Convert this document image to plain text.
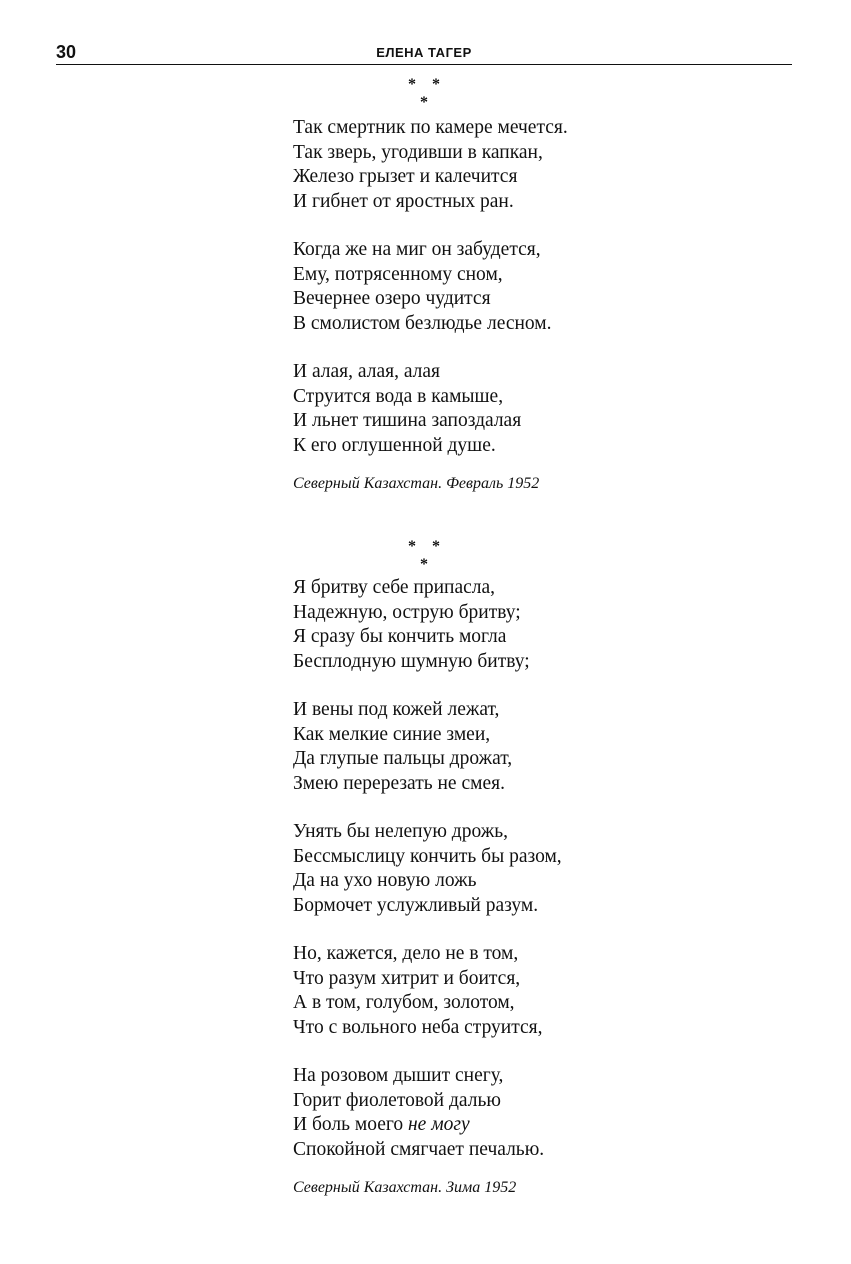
30	ЕЛЕНА ТАГЕР
* * *
Так смертник по камере мечется.
Так зверь, угодивши в капкан,
Железо грызет и калечится
И гибнет от яростных ран.
Когда же на миг он забудется,
Ему, потрясенному сном,
Вечернее озеро чудится
В смолистом безлюдье лесном.
И алая, алая, алая
Струится вода в камыше,
И льнет тишина запоздалая
К его оглушенной душе.
Северный Казахстан. Февраль 1952
* * *
Я бритву себе припасла,
Надежную, острую бритву;
Я сразу бы кончить могла
Бесплодную шумную битву;
И вены под кожей лежат,
Как мелкие синие змеи,
Да глупые пальцы дрожат,
Змею перерезать не смея.
Унять бы нелепую дрожь,
Бессмыслицу кончить бы разом,
Да на ухо новую ложь
Бормочет услужливый разум.
Но, кажется, дело не в том,
Что разум хитрит и боится,
А в том, голубом, золотом,
Что с вольного неба струится,
На розовом дышит снегу,
Горит фиолетовой далью
И боль моего не могу
Спокойной смягчает печалью.
Северный Казахстан. Зима 1952
